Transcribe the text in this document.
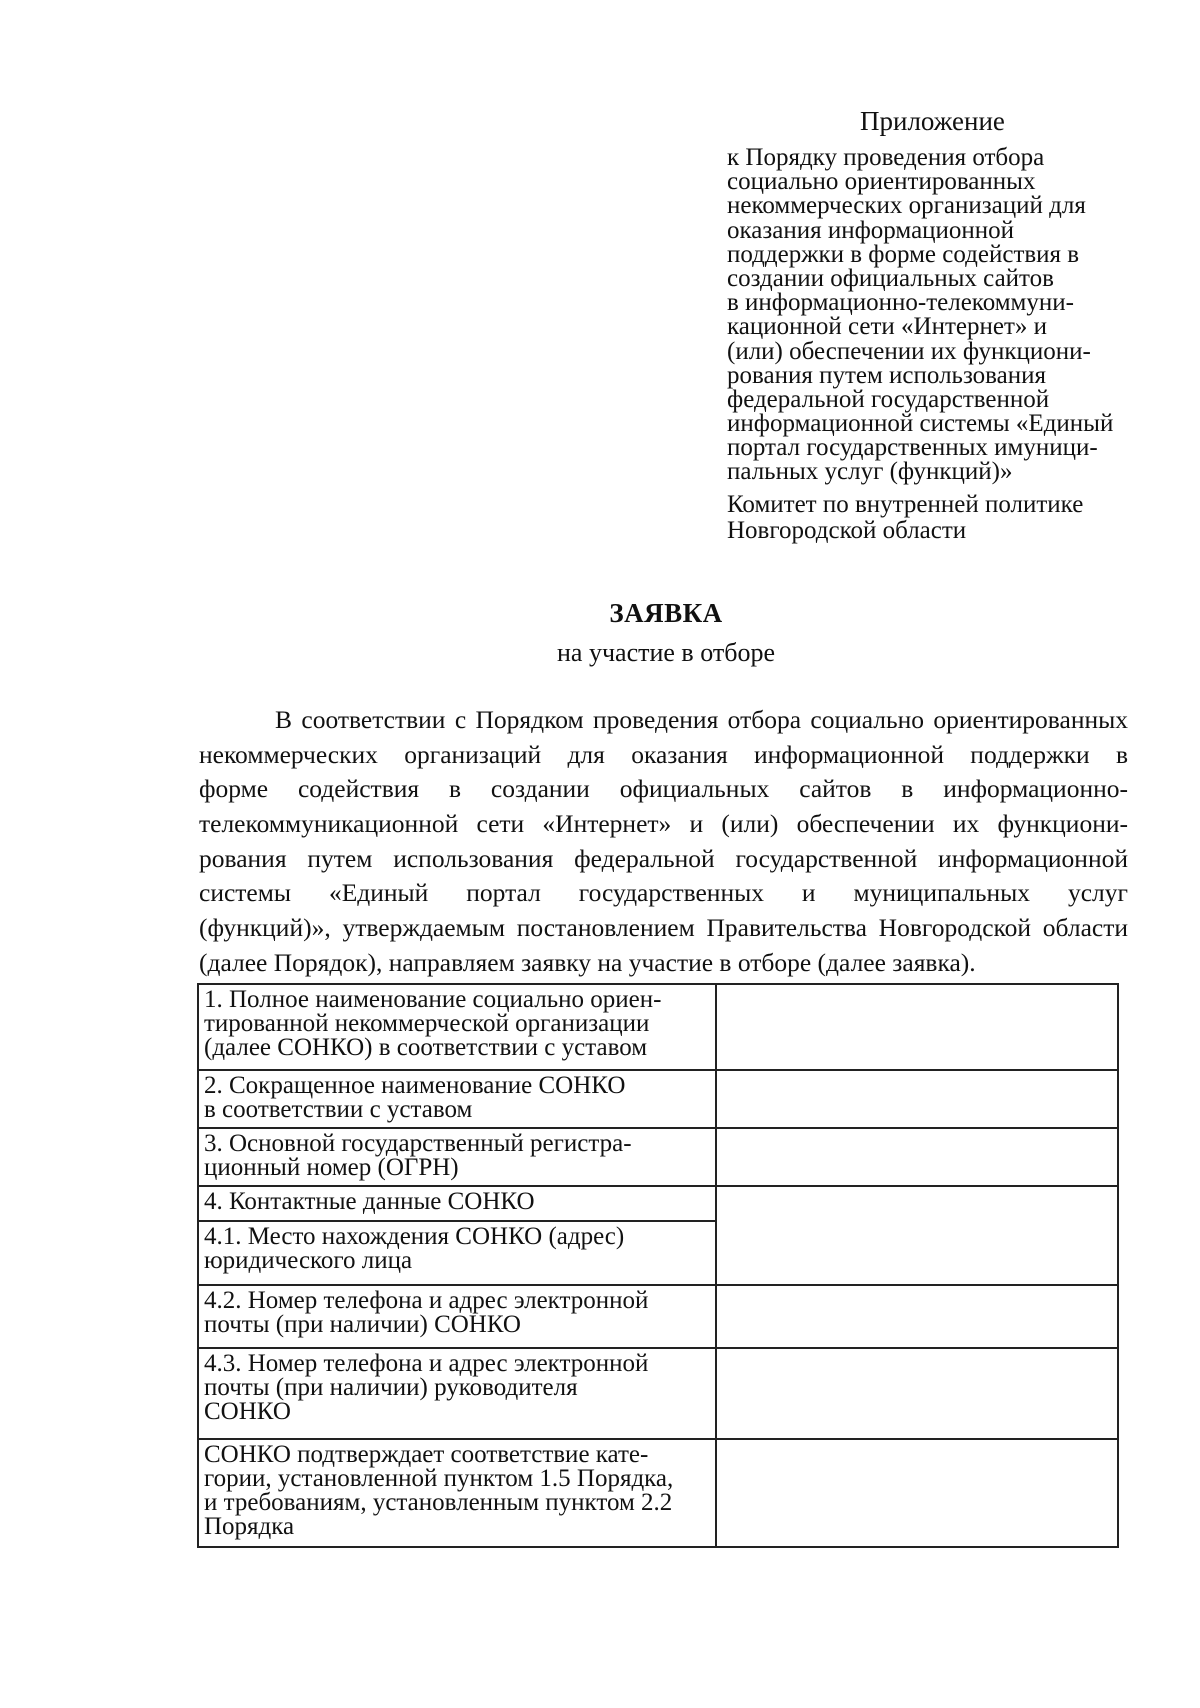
Приложение
к Порядку проведения отбора
социально ориентированных
некоммерческих организаций для
оказания информационной
поддержки в форме содействия в
создании официальных сайтов
в информационно-телекоммуни-
кационной сети «Интернет» и
(или) обеспечении их функциони-
рования путем использования
федеральной государственной
информационной системы «Единый
портал государственных имуници-
пальных услуг (функций)»
Комитет по внутренней политике
Новгородской области
ЗАЯВКА
на участие в отборе
В соответствии с Порядком проведения отбора социально ориентированных
некоммерческих организаций для оказания информационной поддержки в
форме содействия в создании официальных сайтов в информационно-
телекоммуникационной сети «Интернет» и (или) обеспечении их функциони-
рования путем использования федеральной государственной информационной
системы «Единый портал государственных и муниципальных услуг
(функций)», утверждаемым постановлением Правительства Новгородской области
(далее Порядок), направляем заявку на участие в отборе (далее заявка).
1. Полное наименование социально ориен-
тированной некоммерческой организации
(далее СОНКО) в соответствии с уставом	

2. Сокращенное наименование СОНКО
в соответствии с уставом	

3. Основной государственный регистра-
ционный номер (ОГРН)	

4. Контактные данные СОНКО	

4.1. Место нахождения СОНКО (адрес)
юридического лица	

4.2. Номер телефона и адрес электронной
почты (при наличии) СОНКО	

4.3. Номер телефона и адрес электронной
почты (при наличии) руководителя
СОНКО	

СОНКО подтверждает соответствие кате-
гории, установленной пунктом 1.5 Порядка,
и требованиям, установленным пунктом 2.2
Порядка	
